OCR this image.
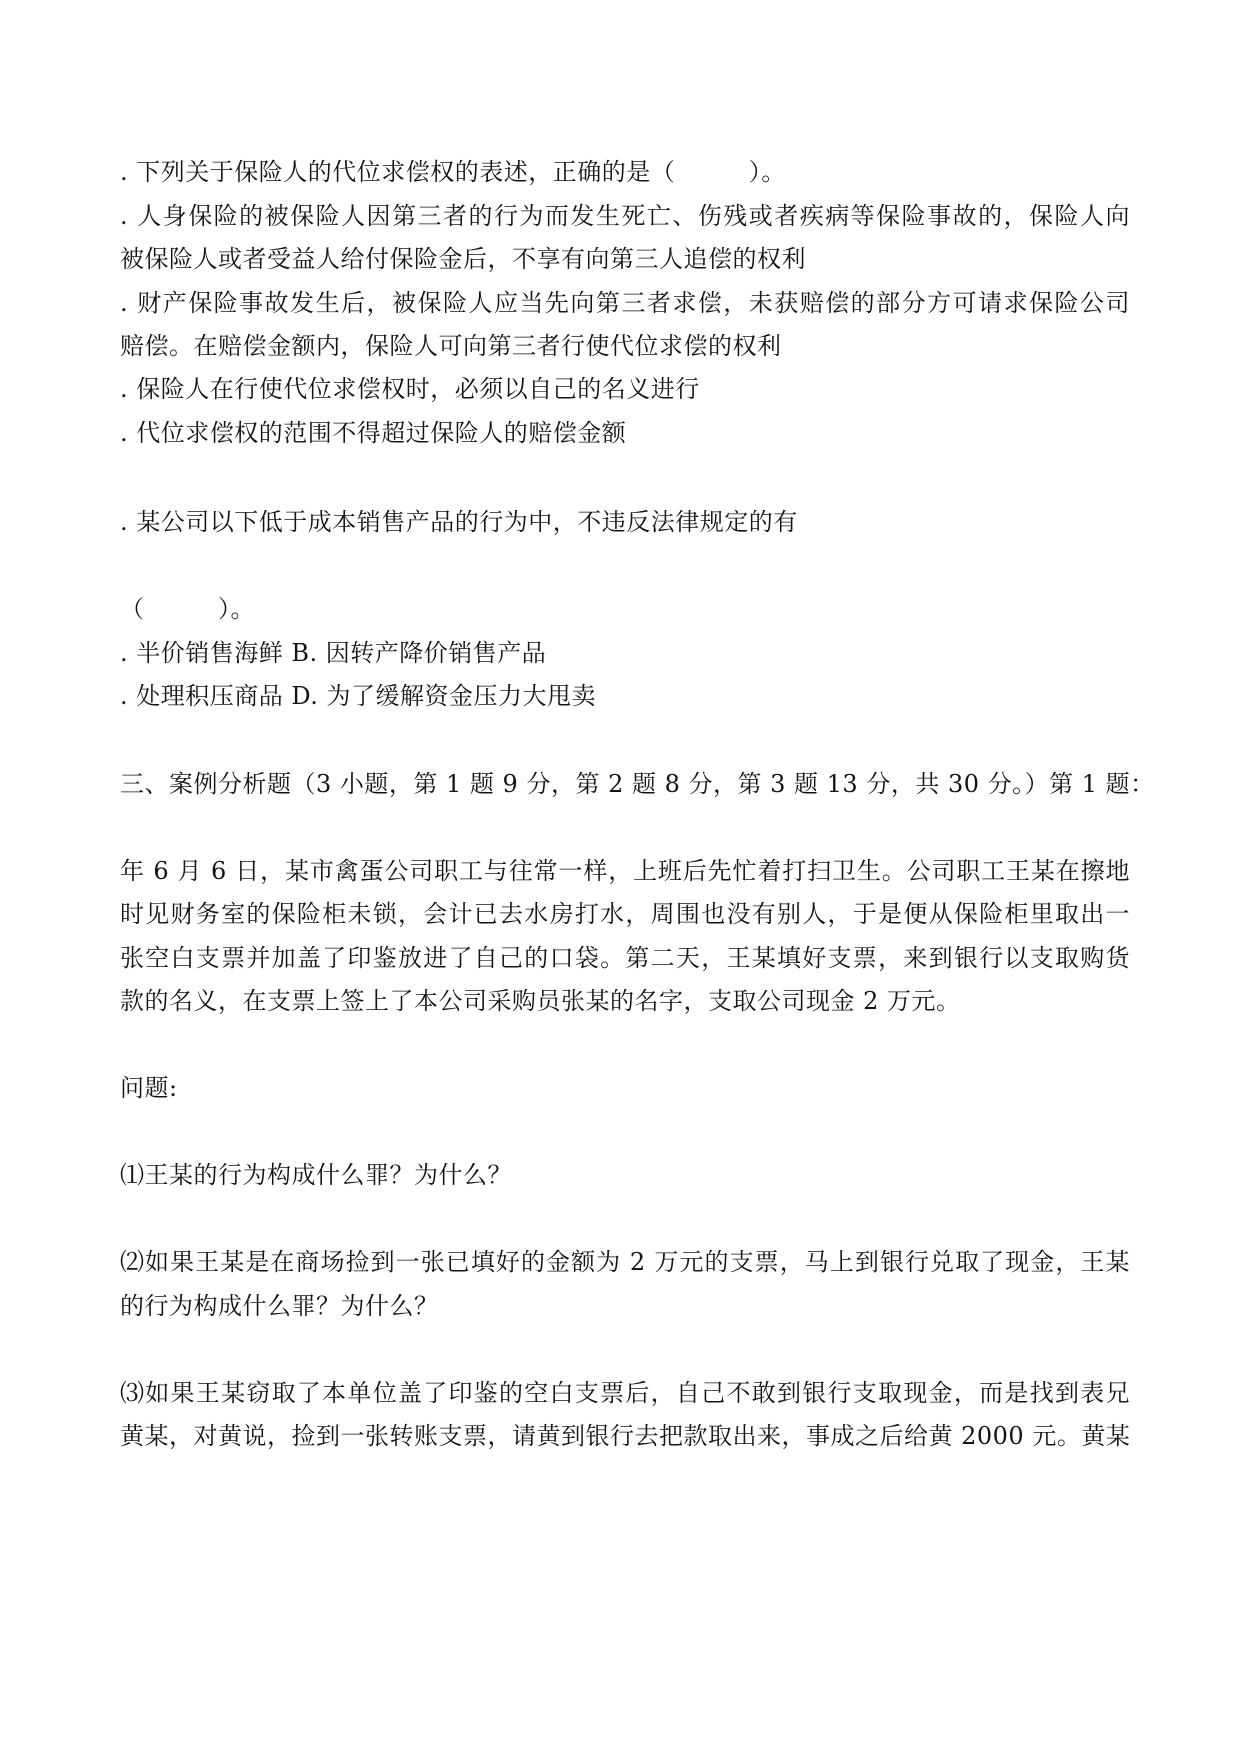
. 下列关于保险人的代位求偿权的表述，正确的是（　　　）。
. 人身保险的被保险人因第三者的行为而发生死亡、伤残或者疾病等保险事故的，保险人向
被保险人或者受益人给付保险金后，不享有向第三人追偿的权利
. 财产保险事故发生后，被保险人应当先向第三者求偿，未获赔偿的部分方可请求保险公司
赔偿。在赔偿金额内，保险人可向第三者行使代位求偿的权利
. 保险人在行使代位求偿权时，必须以自己的名义进行
. 代位求偿权的范围不得超过保险人的赔偿金额
. 某公司以下低于成本销售产品的行为中，不违反法律规定的有
（　　　）。
. 半价销售海鲜 B. 因转产降价销售产品
. 处理积压商品 D. 为了缓解资金压力大甩卖
三、案例分析题（3 小题，第 1 题 9 分，第 2 题 8 分，第 3 题 13 分，共 30 分。） 第 1 题：
年 6 月 6 日，某市禽蛋公司职工与往常一样，上班后先忙着打扫卫生。公司职工王某在擦地
时见财务室的保险柜未锁，会计已去水房打水，周围也没有别人，于是便从保险柜里取出一
张空白支票并加盖了印鉴放进了自己的口袋。第二天，王某填好支票，来到银行以支取购货
款的名义，在支票上签上了本公司采购员张某的名字，支取公司现金 2 万元。
问题:
⑴王某的行为构成什么罪？为什么？
⑵如果王某是在商场捡到一张已填好的金额为 2 万元的支票，马上到银行兑取了现金，王某
的行为构成什么罪？为什么？
⑶如果王某窃取了本单位盖了印鉴的空白支票后，自己不敢到银行支取现金，而是找到表兄
黄某，对黄说，捡到一张转账支票，请黄到银行去把款取出来，事成之后给黄 2000 元。黄某
